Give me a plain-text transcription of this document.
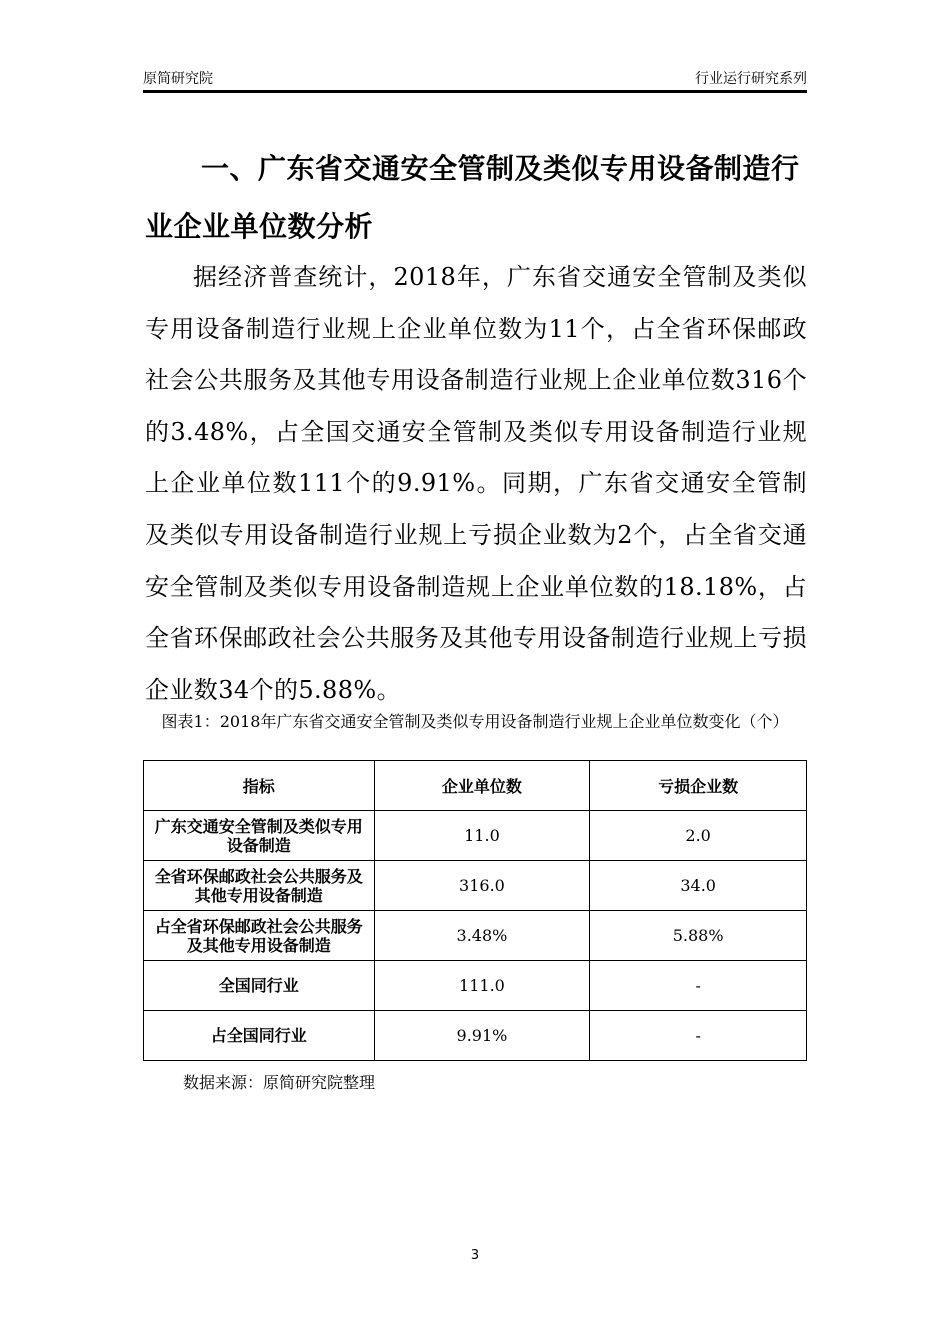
原简研究院	行业运行研究系列
一、广东省交通安全管制及类似专用设备制造行业企业单位数分析
据经济普查统计，2018年，广东省交通安全管制及类似专用设备制造行业规上企业单位数为11个，占全省环保邮政社会公共服务及其他专用设备制造行业规上企业单位数316个的3.48%，占全国交通安全管制及类似专用设备制造行业规上企业单位数111个的9.91%。同期，广东省交通安全管制及类似专用设备制造行业规上亏损企业数为2个，占全省交通安全管制及类似专用设备制造规上企业单位数的18.18%，占全省环保邮政社会公共服务及其他专用设备制造行业规上亏损企业数34个的5.88%。
图表1：2018年广东省交通安全管制及类似专用设备制造行业规上企业单位数变化（个）
指标	企业单位数	亏损企业数
广东交通安全管制及类似专用设备制造	11.0	2.0
全省环保邮政社会公共服务及其他专用设备制造	316.0	34.0
占全省环保邮政社会公共服务及其他专用设备制造	3.48%	5.88%
全国同行业	111.0	-
占全国同行业	9.91%	-
数据来源：原简研究院整理
3
